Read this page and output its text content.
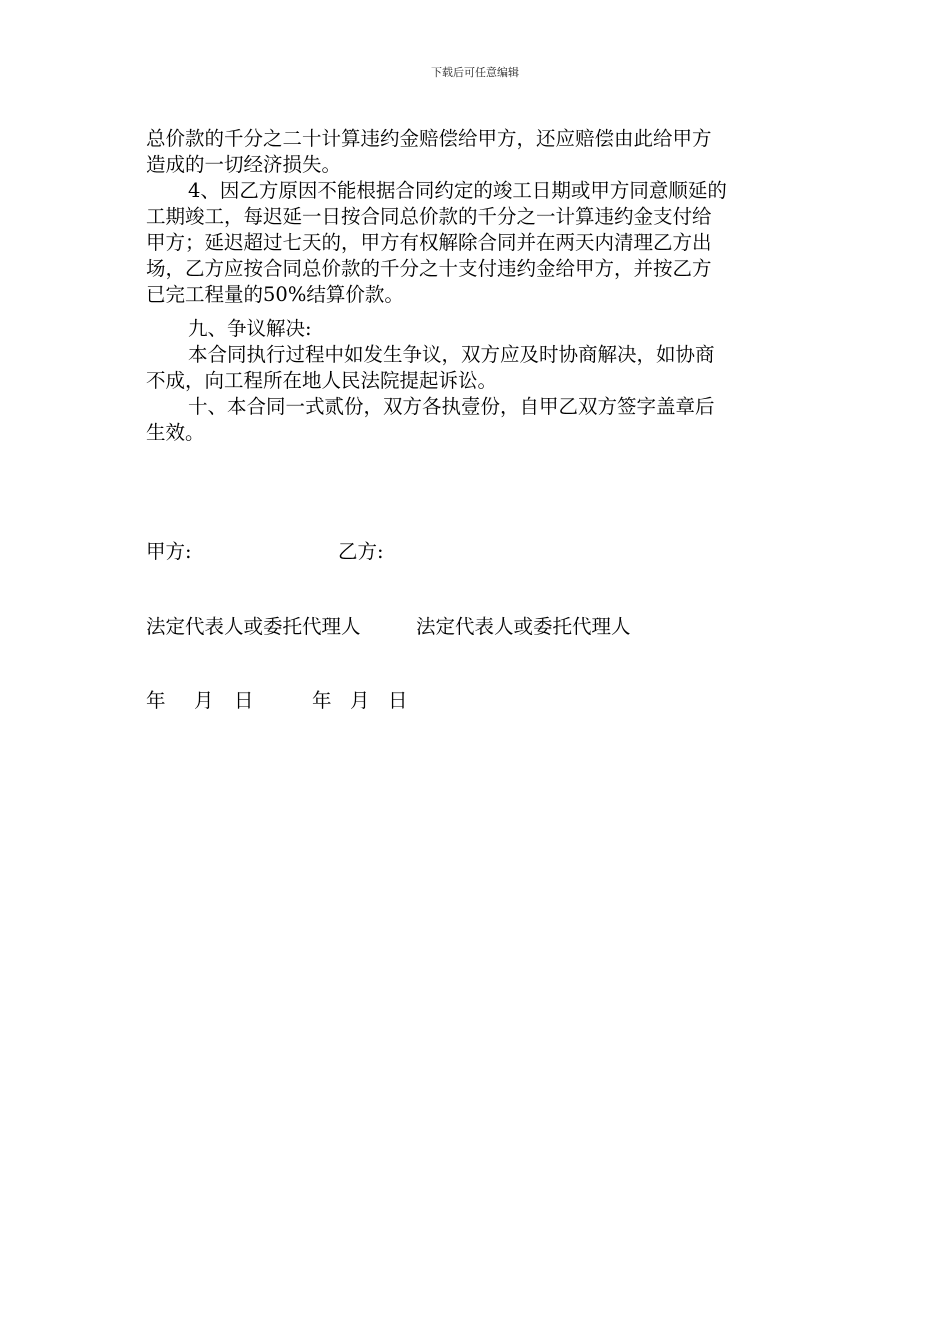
下载后可任意编辑
总价款的千分之二十计算违约金赔偿给甲方，还应赔偿由此给甲方
造成的一切经济损失。
4、因乙方原因不能根据合同约定的竣工日期或甲方同意顺延的
工期竣工，每迟延一日按合同总价款的千分之一计算违约金支付给
甲方；延迟超过七天的，甲方有权解除合同并在两天内清理乙方出
场，乙方应按合同总价款的千分之十支付违约金给甲方，并按乙方
已完工程量的50%结算价款。
九、争议解决:
本合同执行过程中如发生争议，双方应及时协商解决，如协商
不成，向工程所在地人民法院提起诉讼。
十、本合同一式贰份，双方各执壹份，自甲乙双方签字盖章后
生效。
甲方:	乙方:
法定代表人或委托代理人	法定代表人或委托代理人
年 月 日	年 月 日
